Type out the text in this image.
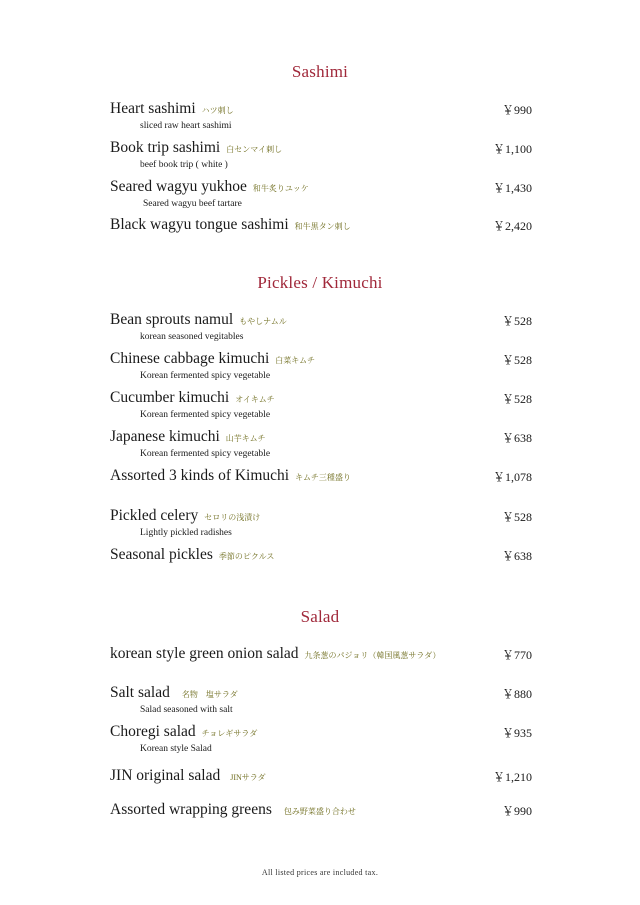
Sashimi
Heart sashimi ハツ刺し	￥990
sliced raw heart sashimi
Book trip sashimi 白センマイ刺し	￥1,100
beef book trip ( white )
Seared wagyu yukhoe 和牛炙りユッケ	￥1,430
Seared wagyu beef tartare
Black wagyu tongue sashimi 和牛黒タン刺し	￥2,420
Pickles / Kimuchi
Bean sprouts namul もやしナムル	￥528
korean seasoned vegitables
Chinese cabbage kimuchi 白菜キムチ	￥528
Korean fermented spicy vegetable
Cucumber kimuchi オイキムチ	￥528
Korean fermented spicy vegetable
Japanese kimuchi 山芋キムチ	￥638
Korean fermented spicy vegetable
Assorted 3 kinds of Kimuchi キムチ三種盛り	￥1,078
Pickled celery セロリの浅漬け	￥528
Lightly pickled radishes
Seasonal pickles 季節のピクルス	￥638
Salad
korean style green onion salad 九条葱のパジョリ（韓国風葱サラダ）	￥770
Salt salad 名物　塩サラダ	￥880
Salad seasoned with salt
Choregi salad チョレギサラダ	￥935
Korean style Salad
JIN original salad JINサラダ	￥1,210
Assorted wrapping greens 包み野菜盛り合わせ	￥990
All listed prices are included tax.
